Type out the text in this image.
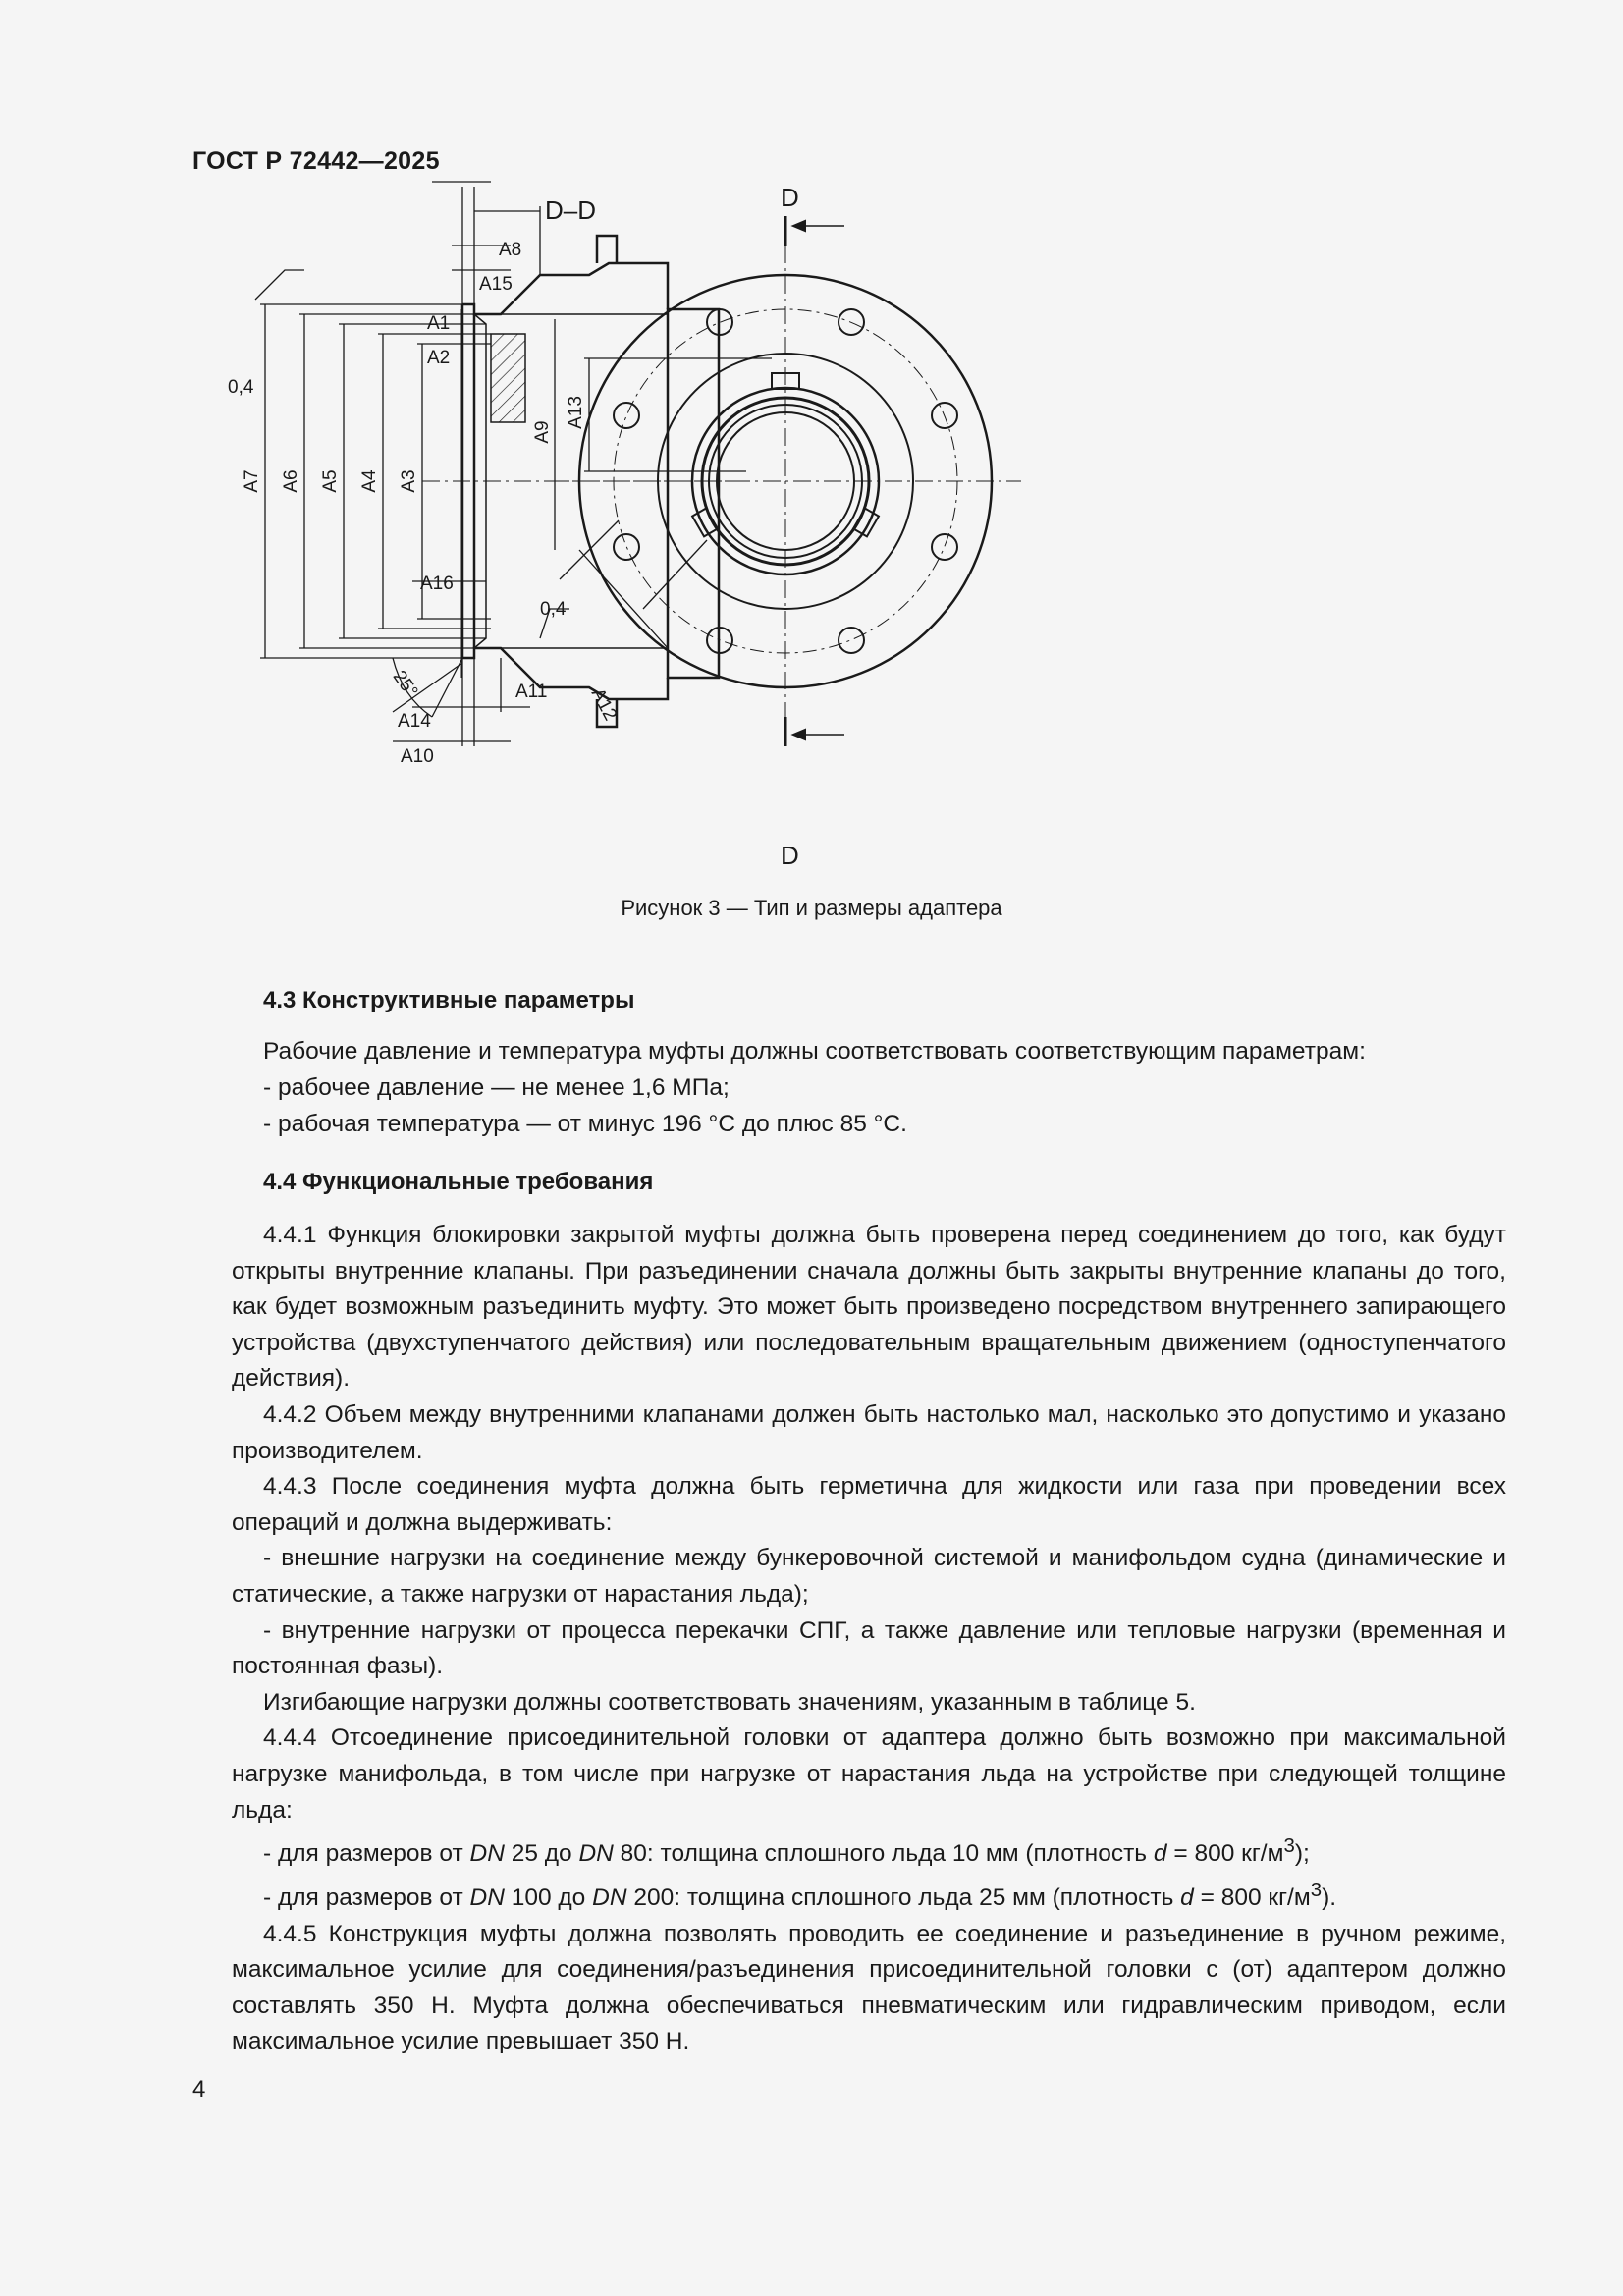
ГОСТ Р 72442—2025
A8
A15
A1
A2
0,4
0,4
A16
A14
A10
A11
D–D	D
D
A7 A6 A5 A4 A3
A9
A13
A12
25°
Рисунок 3 — Тип и размеры адаптера
4.3 Конструктивные параметры
Рабочие давление и температура муфты должны соответствовать соответствующим параметрам:
- рабочее давление — не менее 1,6 МПа;
- рабочая температура — от минус 196 °С до плюс 85 °С.
4.4 Функциональные требования

4.4.1 Функция блокировки закрытой муфты должна быть проверена перед соединением до того, как будут открыты внутренние клапаны. При разъединении сначала должны быть закрыты внутренние клапаны до того, как будет возможным разъединить муфту. Это может быть произведено посредством внутреннего запирающего устройства (двухступенчатого действия) или последовательным вращательным движением (одноступенчатого действия).

4.4.2 Объем между внутренними клапанами должен быть настолько мал, насколько это допустимо и указано производителем.

4.4.3 После соединения муфта должна быть герметична для жидкости или газа при проведении всех операций и должна выдерживать:

- внешние нагрузки на соединение между бункеровочной системой и манифольдом судна (динамические и статические, а также нагрузки от нарастания льда);

- внутренние нагрузки от процесса перекачки СПГ, а также давление или тепловые нагрузки (временная и постоянная фазы).

Изгибающие нагрузки должны соответствовать значениям, указанным в таблице 5.

4.4.4 Отсоединение присоединительной головки от адаптера должно быть возможно при максимальной нагрузке манифольда, в том числе при нагрузке от нарастания льда на устройстве при следующей толщине льда:

- для размеров от DN 25 до DN 80: толщина сплошного льда 10 мм (плотность d = 800 $кг/м^3$);

- для размеров от DN 100 до DN 200: толщина сплошного льда 25 мм (плотность d = 800 $кг/м^3$).

4.4.5 Конструкция муфты должна позволять проводить ее соединение и разъединение в ручном режиме, максимальное усилие для соединения/разъединения присоединительной головки с (от) адаптером должно составлять 350 Н. Муфта должна обеспечиваться пневматическим или гидравлическим приводом, если максимальное усилие превышает 350 Н.

4
